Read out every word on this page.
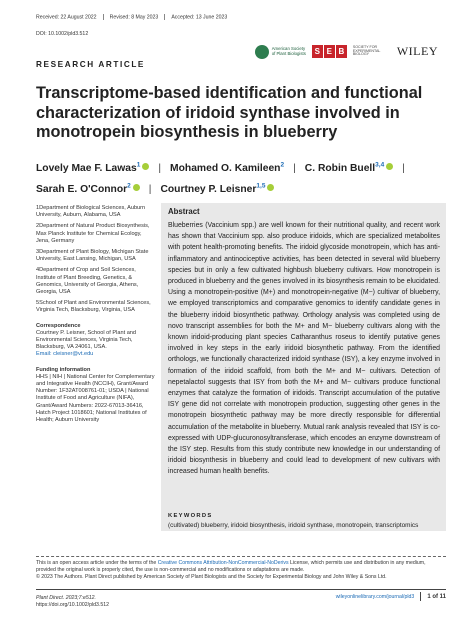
Received: 22 August 2022	Revised: 8 May 2023	Accepted: 13 June 2023
DOI: 10.1002/pld3.512
RESEARCH ARTICLE
American Society
of Plant Biologists	S E B
SOCIETY FOR EXPERIMENTAL BIOLOGY	WILEY
Transcriptome-based identification and functional characterization of iridoid synthase involved in monotropein biosynthesis in blueberry
Lovely Mae F. Lawas$^1$ | Mohamed O. Kamileen$^2$ | C. Robin Buell$^{3,4}$ |
Sarah E. O'Connor$^2$ | Courtney P. Leisner$^{1,5}$

1Department of Biological Sciences, Auburn University, Auburn, Alabama, USA

2Department of Natural Product Biosynthesis, Max Planck Institute for Chemical Ecology, Jena, Germany

3Department of Plant Biology, Michigan State University, East Lansing, Michigan, USA

4Department of Crop and Soil Sciences, Institute of Plant Breeding, Genetics, & Genomics, University of Georgia, Athens, Georgia, USA

5School of Plant and Environmental Sciences, Virginia Tech, Blacksburg, Virginia, USA

Correspondence

Courtney P. Leisner, School of Plant and Environmental Sciences, Virginia Tech, Blacksburg, VA 24061, USA.

Email: cleisner@vt.edu

Funding information

HHS | NIH | National Center for Complementary and Integrative Health (NCCIH), Grant/Award Number: 1F32AT008761-01; USDA | National Institute of Food and Agriculture (NIFA), Grant/Award Numbers: 2022-67013-36416, Hatch Project 1018601; National Institutes of Health; Auburn University

Abstract
Blueberries (Vaccinium spp.) are well known for their nutritional quality, and recent work has shown that Vaccinium spp. also produce iridoids, which are specialized metabolites with potent health-promoting benefits. The iridoid glycoside monotropein, which has anti-inflammatory and antinociceptive activities, has been detected in several wild blueberry species but in only a few cultivated highbush blueberry cultivars. How monotropein is produced in blueberry and the genes involved in its biosynthesis remain to be elucidated. Using a monotropein-positive (M+) and monotropein-negative (M−) cultivar of blueberry, we employed transcriptomics and comparative genomics to identify candidate genes in the blueberry iridoid biosynthetic pathway. Orthology analysis was completed using de novo transcript assemblies for both the M+ and M− blueberry cultivars along with the known iridoid-producing plant species Catharanthus roseus to identify putative genes involved in key steps in the early iridoid biosynthetic pathway. From the identified orthologs, we functionally characterized iridoid synthase (ISY), a key enzyme involved in formation of the iridoid scaffold, from both the M+ and M− cultivars. Detection of nepetalactol suggests that ISY from both the M+ and M− cultivars produce functional enzymes that catalyze the formation of iridoids. Transcript accumulation of the putative ISY gene did not correlate with monotropein production, suggesting other genes in the monotropein biosynthetic pathway may be more directly responsible for differential accumulation of the metabolite in blueberry. Mutual rank analysis revealed that ISY is co-expressed with UDP-glucuronosyltransferase, which encodes an enzyme downstream of the ISY step. Results from this study contribute new knowledge in our understanding of iridoid biosynthesis in blueberry and could lead to development of new cultivars with increased human health benefits.
KEYWORDS
(cultivated) blueberry, iridoid biosynthesis, iridoid synthase, monotropein, transcriptomics
This is an open access article under the terms of the Creative Commons Attribution-NonCommercial-NoDerivs License, which permits use and distribution in any medium, provided the original work is properly cited, the use is non-commercial and no modifications or adaptations are made.
© 2023 The Authors. Plant Direct published by American Society of Plant Biologists and the Society for Experimental Biology and John Wiley & Sons Ltd.
Plant Direct. 2023;7:e512.
https://doi.org/10.1002/pld3.512
wileyonlinelibrary.com/journal/pld3 1 of 11
